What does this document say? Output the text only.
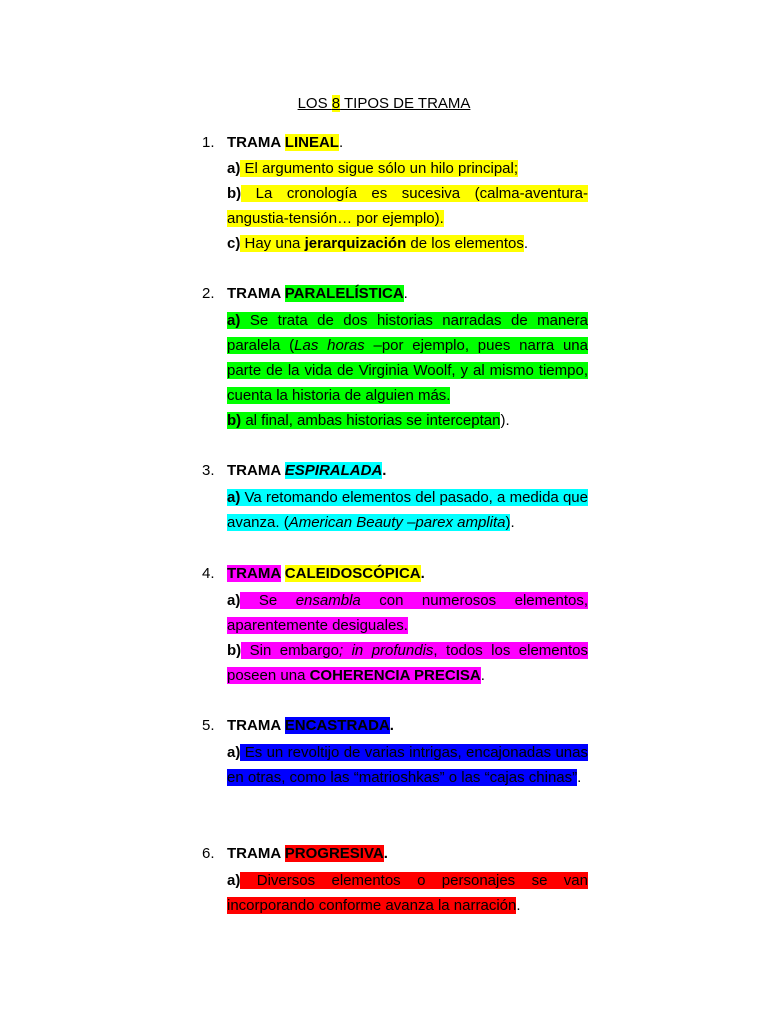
LOS 8 TIPOS DE TRAMA
1. TRAMA LINEAL.
a) El argumento sigue sólo un hilo principal;
b) La cronología es sucesiva (calma-aventura-angustia-tensión… por ejemplo).
c) Hay una jerarquización de los elementos.
2. TRAMA PARALELÍSTICA.
a) Se trata de dos historias narradas de manera paralela (Las horas –por ejemplo, pues narra una parte de la vida de Virginia Woolf, y al mismo tiempo, cuenta la historia de alguien más.
b) al final, ambas historias se interceptan).
3. TRAMA ESPIRALADA.
a) Va retomando elementos del pasado, a medida que avanza. (American Beauty –parex amplita).
4. TRAMA CALEIDOSCÓPICA.
a) Se ensambla con numerosos elementos, aparentemente desiguales.
b) Sin embargo; in profundis, todos los elementos poseen una COHERENCIA PRECISA.
5. TRAMA ENCASTRADA.
a) Es un revoltijo de varias intrigas, encajonadas unas en otras, como las “matrioshkas” o las “cajas chinas”.
6. TRAMA PROGRESIVA.
a) Diversos elementos o personajes se van incorporando conforme avanza la narración.
